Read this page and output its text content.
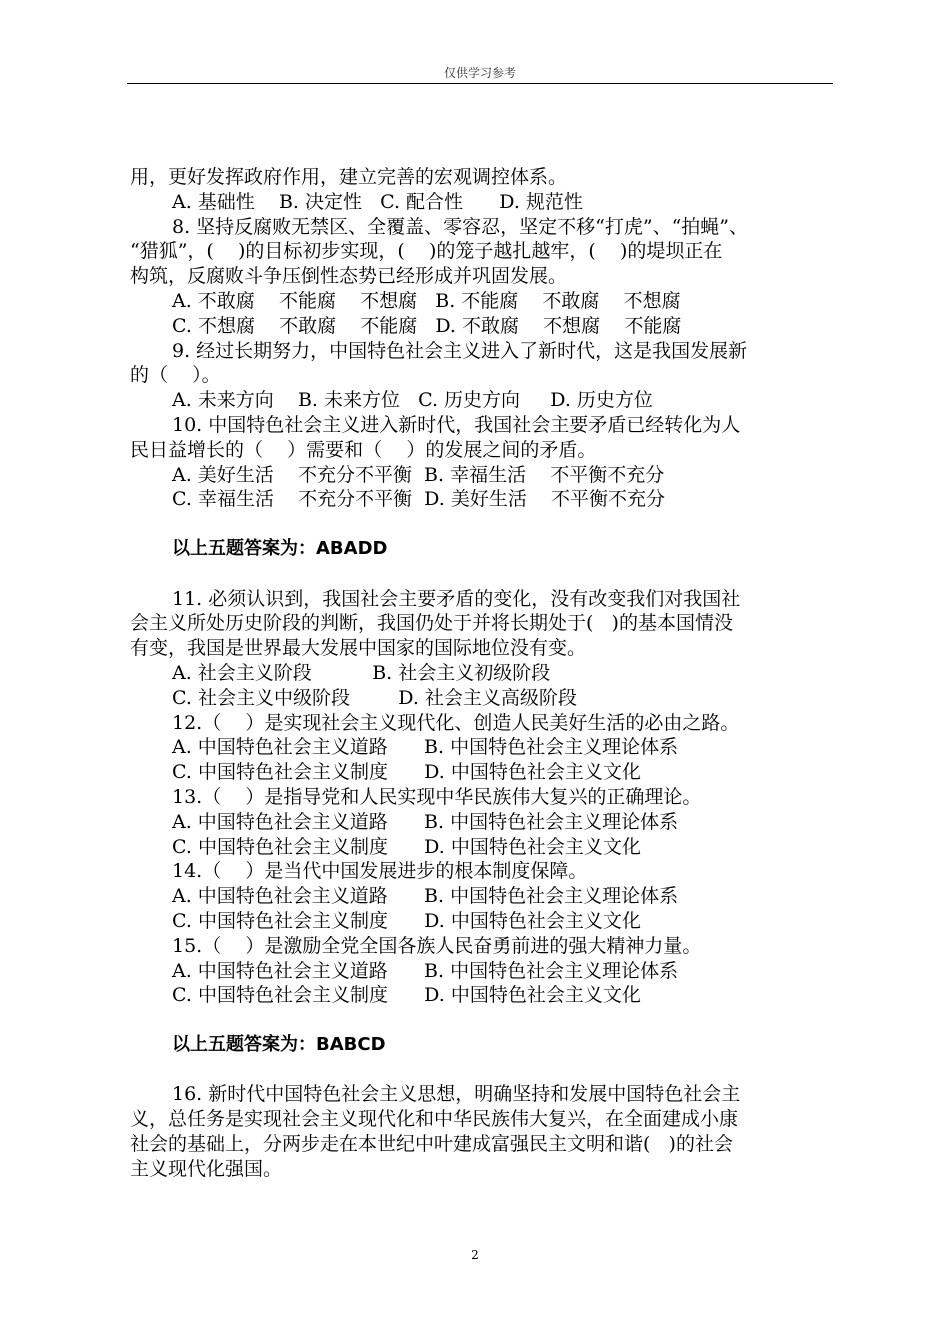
仅供学习参考
用，更好发挥政府作用，建立完善的宏观调控体系。
A. 基础性    B. 决定性   C. 配合性      D. 规范性
8. 坚持反腐败无禁区、全覆盖、零容忍，坚定不移“打虎”、“拍蝇”、
“猎狐”，(    )的目标初步实现，(    )的笼子越扎越牢，(    )的堤坝正在
构筑，反腐败斗争压倒性态势已经形成并巩固发展。
A. 不敢腐    不能腐    不想腐   B. 不能腐    不敢腐    不想腐
C. 不想腐    不敢腐    不能腐   D. 不敢腐    不想腐    不能腐
9. 经过长期努力，中国特色社会主义进入了新时代，这是我国发展新
的（    ）。
A. 未来方向    B. 未来方位   C. 历史方向     D. 历史方位
10. 中国特色社会主义进入新时代，我国社会主要矛盾已经转化为人
民日益增长的（    ）需要和（    ）的发展之间的矛盾。
A. 美好生活    不充分不平衡  B. 幸福生活    不平衡不充分
C. 幸福生活    不充分不平衡  D. 美好生活    不平衡不充分
以上五题答案为：ABADD
11. 必须认识到，我国社会主要矛盾的变化，没有改变我们对我国社
会主义所处历史阶段的判断，我国仍处于并将长期处于(   )的基本国情没
有变，我国是世界最大发展中国家的国际地位没有变。
A. 社会主义阶段          B. 社会主义初级阶段
C. 社会主义中级阶段        D. 社会主义高级阶段
12.（    ）是实现社会主义现代化、创造人民美好生活的必由之路。
A. 中国特色社会主义道路      B. 中国特色社会主义理论体系
C. 中国特色社会主义制度      D. 中国特色社会主义文化
13.（    ）是指导党和人民实现中华民族伟大复兴的正确理论。
A. 中国特色社会主义道路      B. 中国特色社会主义理论体系
C. 中国特色社会主义制度      D. 中国特色社会主义文化
14.（    ）是当代中国发展进步的根本制度保障。
A. 中国特色社会主义道路      B. 中国特色社会主义理论体系
C. 中国特色社会主义制度      D. 中国特色社会主义文化
15.（    ）是激励全党全国各族人民奋勇前进的强大精神力量。
A. 中国特色社会主义道路      B. 中国特色社会主义理论体系
C. 中国特色社会主义制度      D. 中国特色社会主义文化
以上五题答案为：BABCD
16. 新时代中国特色社会主义思想，明确坚持和发展中国特色社会主
义，总任务是实现社会主义现代化和中华民族伟大复兴，在全面建成小康
社会的基础上，分两步走在本世纪中叶建成富强民主文明和谐(   )的社会
主义现代化强国。
2
